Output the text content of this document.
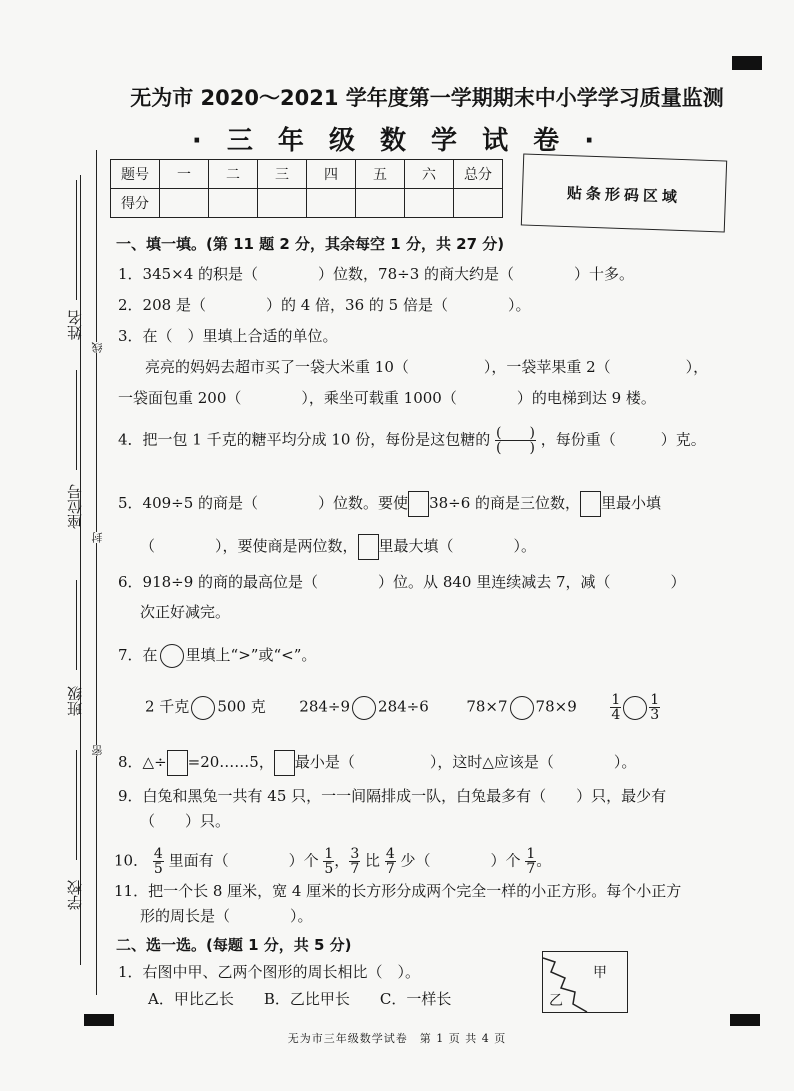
无为市 2020～2021 学年度第一学期期末中小学学习质量监测
· 三 年 级 数 学 试 卷 ·
姓名
座位号
班级
学校
线
封
密
题号	一	二	三	四	五	六	总分
得分								贴条形码区域
一、填一填。(第 11 题 2 分，其余每空 1 分，共 27 分)
1．345×4 的积是（　　　　）位数，78÷3 的商大约是（　　　　）十多。
2．208 是（　　　　）的 4 倍，36 的 5 倍是（　　　　）。
3．在（　）里填上合适的单位。
亮亮的妈妈去超市买了一袋大米重 10（　　　　　），一袋苹果重 2（　　　　　），
一袋面包重 200（　　　　），乘坐可载重 1000（　　　　）的电梯到达 9 楼。
4．把一包 1 千克的糖平均分成 10 份，每份是这包糖的 $\frac{( )}{( )}$ ，每份重（　　　）克。
5．409÷5 的商是（　　　　）位数。要使 38÷6 的商是三位数， 里最小填
（　　　　），要使商是两位数， 里最大填（　　　　）。
6．918÷9 的商的最高位是（　　　　）位。从 840 里连续减去 7，减（　　　　）
次正好减完。
7．在 里填上“>”或“<”。
2 千克 500 克 284÷9 284÷6	78×7 $78\times 9 \frac{1}{4} \frac{1}{3}$
8．△÷ =20……5， 最小是（　　　　　），这时△应该是（　　　　）。
9．白兔和黑兔一共有 45 只，一一间隔排成一队，白兔最多有（　　）只，最少有
（　　）只。
10． $\frac{4}{5}$ 里面有（　　　　）个 $\frac{1}{5}$ ， $\frac{3}{7}$ 比 $\frac{4}{7}$ 少（　　　　）个 $\frac{1}{7}$ 。
11．把一个长 8 厘米，宽 4 厘米的长方形分成两个完全一样的小正方形。每个小正方
形的周长是（　　　　）。
二、选一选。(每题 1 分，共 5 分)
1．右图中甲、乙两个图形的周长相比（　）。
A．甲比乙长　　B．乙比甲长　　C．一样长
甲
乙
无为市三年级数学试卷　第 1 页 共 4 页
